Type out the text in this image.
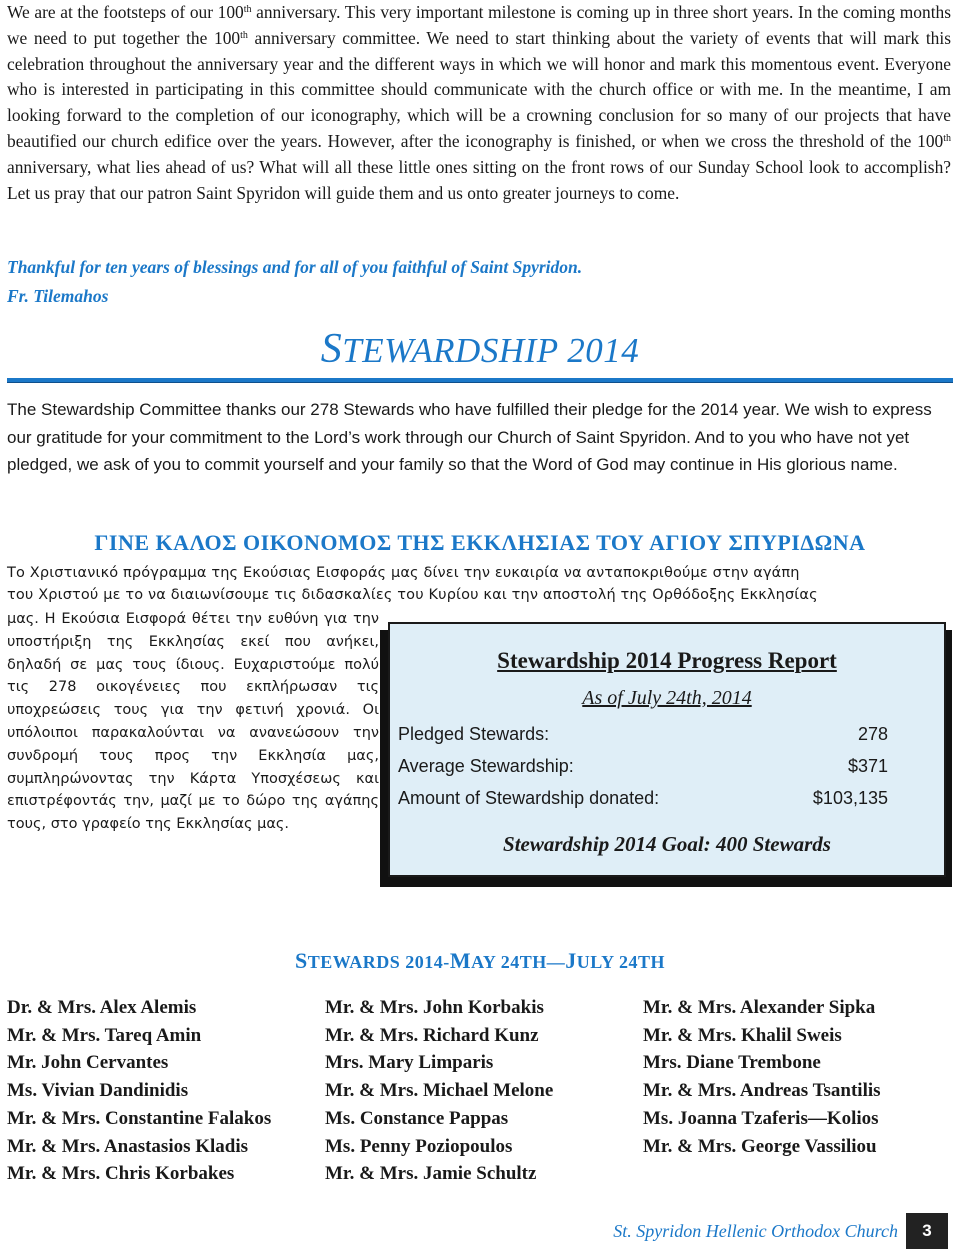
We are at the footsteps of our 100th anniversary. This very important milestone is coming up in three short years. In the coming months we need to put together the 100th anniversary committee. We need to start thinking about the variety of events that will mark this celebration throughout the anniversary year and the different ways in which we will honor and mark this momentous event. Everyone who is interested in participating in this committee should communicate with the church office or with me. In the meantime, I am looking forward to the completion of our iconography, which will be a crowning conclusion for so many of our projects that have beautified our church edifice over the years. However, after the iconography is finished, or when we cross the threshold of the 100th anniversary, what lies ahead of us? What will all these little ones sitting on the front rows of our Sunday School look to accomplish? Let us pray that our patron Saint Spyridon will guide them and us onto greater journeys to come.

Thankful for ten years of blessings and for all of you faithful of Saint Spyridon.
Fr. Tilemahos
STEWARDSHIP 2014

The Stewardship Committee thanks our 278 Stewards who have fulfilled their pledge for the 2014 year. We wish to express our gratitude for your commitment to the Lord’s work through our Church of Saint Spyridon. And to you who have not yet pledged, we ask of you to commit yourself and your family so that the Word of God may continue in His glorious name.

ΓΙΝΕ ΚΑΛΟΣ ΟΙΚΟΝΟΜΟΣ ΤΗΣ ΕΚΚΛΗΣΙΑΣ ΤΟΥ ΑΓΙΟΥ ΣΠΥΡΙΔΩΝΑ
Το Χριστιανικό πρόγραμμα της Εκούσιας Εισφοράς μας δίνει την ευκαιρία να ανταποκριθούμε στην αγάπη
του Χριστού με το να διαιωνίσουμε τις διδασκαλίες του Κυρίου και την αποστολή της Ορθόδοξης Εκκλησίας

μας. Η Εκούσια Εισφορά θέτει την ευθύνη για την υποστήριξη της Εκκλησίας εκεί που ανήκει, δηλαδή σε μας τους ίδιους. Ευχαριστούμε πολύ τις 278 οικογένειες που εκπλήρωσαν τις υποχρεώσεις τους για την φετινή χρονιά. Οι υπόλοιποι παρακαλούνται να ανανεώσουν την συνδρομή τους προς την Εκκλησία μας, συμπληρώνοντας την Κάρτα Υποσχέσεως και επιστρέφοντάς την, μαζί με το δώρο της αγάπης τους, στο γραφείο της Εκκλησίας μας.

Stewardship 2014 Progress Report
As of July 24th, 2014
Pledged Stewards:	278
Average Stewardship:	$371
Amount of Stewardship donated:	$103,135
Stewardship 2014 Goal: 400 Stewards
STEWARDS 2014-MAY 24TH—JULY 24TH
Dr. & Mrs. Alex Alemis
Mr. & Mrs. Tareq Amin
Mr. John Cervantes
Ms. Vivian Dandinidis
Mr. & Mrs. Constantine Falakos
Mr. & Mrs. Anastasios Kladis
Mr. & Mrs. Chris Korbakes
Mr. & Mrs. John Korbakis
Mr. & Mrs. Richard Kunz
Mrs. Mary Limparis
Mr. & Mrs. Michael Melone
Ms. Constance Pappas
Ms. Penny Poziopoulos
Mr. & Mrs. Jamie Schultz
Mr. & Mrs. Alexander Sipka
Mr. & Mrs. Khalil Sweis
Mrs. Diane Trembone
Mr. & Mrs. Andreas Tsantilis
Ms. Joanna Tzaferis—Kolios
Mr. & Mrs. George Vassiliou
St. Spyridon Hellenic Orthodox Church	3
